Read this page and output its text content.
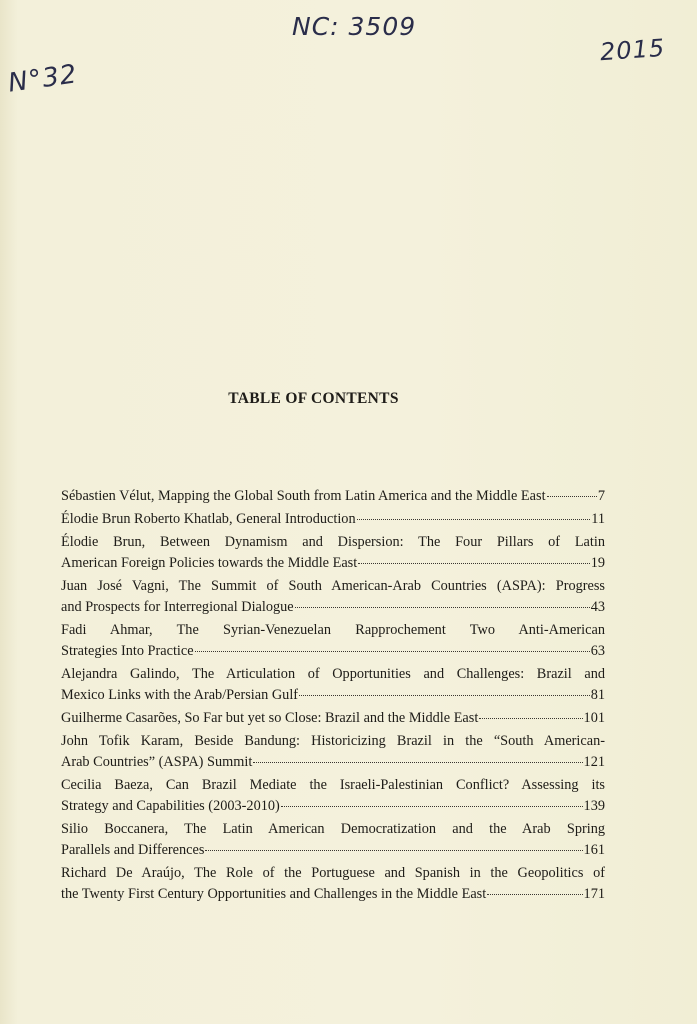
NC: 3509
N°32
2015
TABLE OF CONTENTS
Sébastien Vélut, Mapping the Global South from Latin America and the Middle East	7
Élodie Brun Roberto Khatlab, General Introduction	11
Élodie Brun, Between Dynamism and Dispersion: The Four Pillars of Latin
American Foreign Policies towards the Middle East	19
Juan José Vagni, The Summit of South American-Arab Countries (ASPA): Progress
and Prospects for Interregional Dialogue	43
Fadi Ahmar, The Syrian-Venezuelan Rapprochement Two Anti-American
Strategies Into Practice	63
Alejandra Galindo, The Articulation of Opportunities and Challenges: Brazil and
Mexico Links with the Arab/Persian Gulf	81
Guilherme Casarões, So Far but yet so Close: Brazil and the Middle East	101
John Tofik Karam, Beside Bandung: Historicizing Brazil in the “South American-
Arab Countries” (ASPA) Summit	121
Cecilia Baeza, Can Brazil Mediate the Israeli-Palestinian Conflict? Assessing its
Strategy and Capabilities (2003-2010)	139
Silio Boccanera, The Latin American Democratization and the Arab Spring
Parallels and Differences	161
Richard De Araújo, The Role of the Portuguese and Spanish in the Geopolitics of
the Twenty First Century Opportunities and Challenges in the Middle East	171
